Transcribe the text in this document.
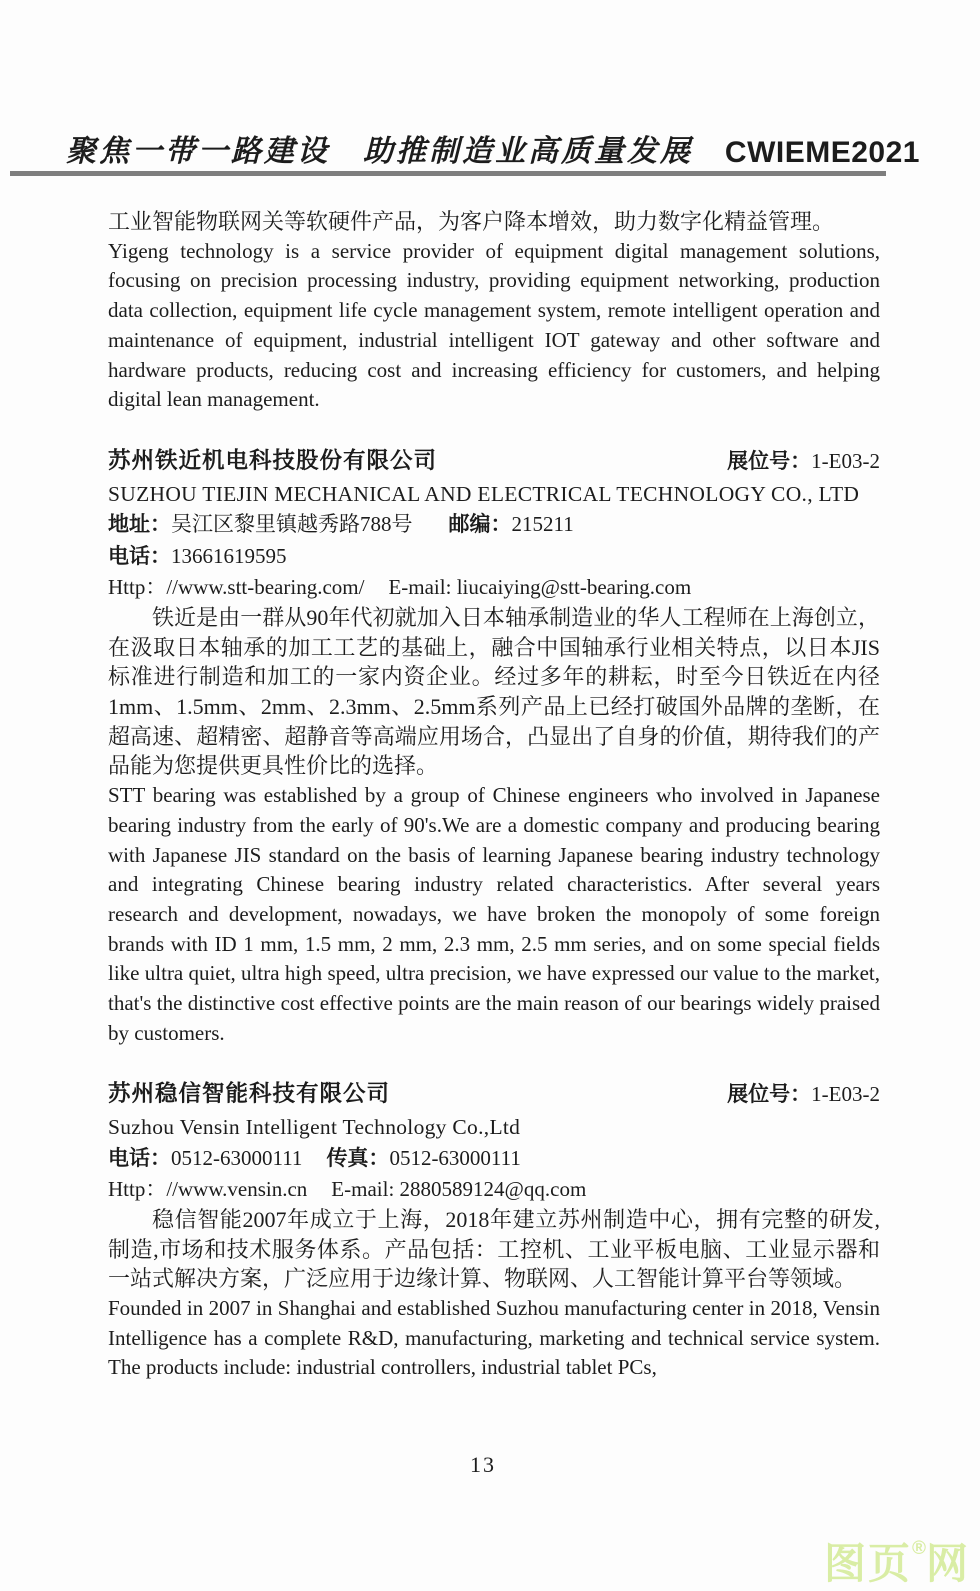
聚焦一带一路建设　助推制造业高质量发展 CWIEME2021

工业智能物联网关等软硬件产品，为客户降本增效，助力数字化精益管理。

Yigeng technology is a service provider of equipment digital management solutions, focusing on precision processing industry, providing equipment networking, production data collection, equipment life cycle management system, remote intelligent operation and maintenance of equipment, industrial intelligent IOT gateway and other software and hardware products, reducing cost and increasing efficiency for customers, and helping digital lean management.

苏州铁近机电科技股份有限公司	展位号：1-E03-2
SUZHOU TIEJIN MECHANICAL AND ELECTRICAL TECHNOLOGY CO., LTD
地址：吴江区黎里镇越秀路788号 邮编：215211
电话：13661619595
Http：//www.stt-bearing.com/ E-mail: liucaiying@stt-bearing.com

铁近是由一群从90年代初就加入日本轴承制造业的华人工程师在上海创立，在汲取日本轴承的加工工艺的基础上，融合中国轴承行业相关特点，以日本JIS标准进行制造和加工的一家内资企业。经过多年的耕耘，时至今日铁近在内径1mm、1.5mm、2mm、2.3mm、2.5mm系列产品上已经打破国外品牌的垄断，在超高速、超精密、超静音等高端应用场合，凸显出了自身的价值，期待我们的产品能为您提供更具性价比的选择。

STT bearing was established by a group of Chinese engineers who involved in Japanese bearing industry from the early of 90's.We are a domestic company and producing bearing with Japanese JIS standard on the basis of learning Japanese bearing industry technology and integrating Chinese bearing industry related characteristics. After several years research and development, nowadays, we have broken the monopoly of some foreign brands with ID 1 mm, 1.5 mm, 2 mm, 2.3 mm, 2.5 mm series, and on some special fields like ultra quiet, ultra high speed, ultra precision, we have expressed our value to the market, that's the distinctive cost effective points are the main reason of our bearings widely praised by customers.

苏州稳信智能科技有限公司	展位号：1-E03-2
Suzhou Vensin Intelligent Technology Co.,Ltd
电话：0512-63000111 传真：0512-63000111
Http：//www.vensin.cn E-mail: 2880589124@qq.com

稳信智能2007年成立于上海，2018年建立苏州制造中心，拥有完整的研发,制造,市场和技术服务体系。产品包括：工控机、工业平板电脑、工业显示器和一站式解决方案，广泛应用于边缘计算、物联网、人工智能计算平台等领域。

Founded in 2007 in Shanghai and established Suzhou manufacturing center in 2018, Vensin Intelligence has a complete R&D, manufacturing, marketing and technical service system. The products include: industrial controllers, industrial tablet PCs,

13
图页®网
